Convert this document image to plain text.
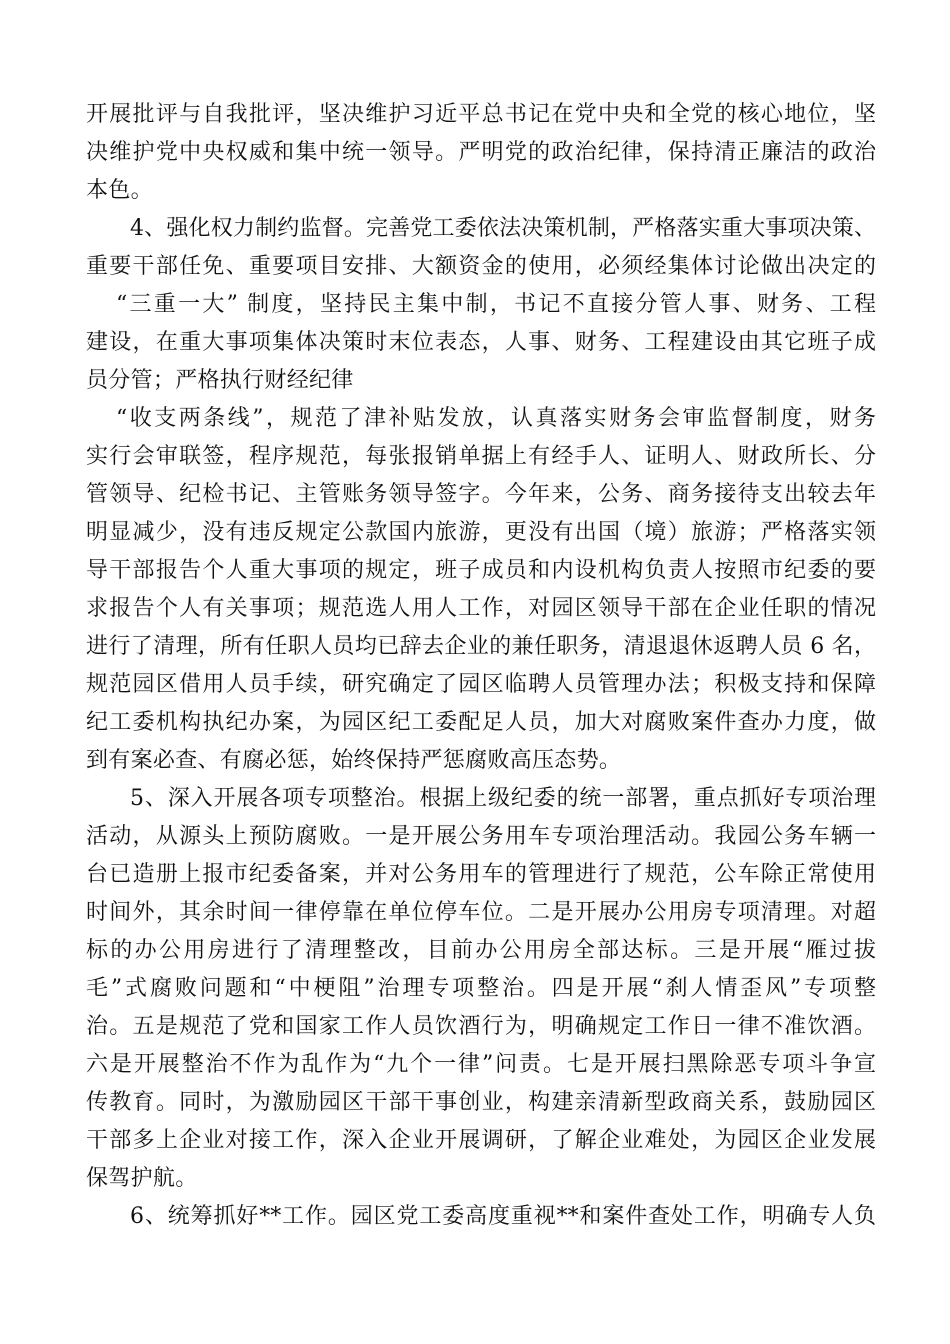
开展批评与自我批评，坚决维护习近平总书记在党中央和全党的核心地位，坚
决维护党中央权威和集中统一领导。严明党的政治纪律，保持清正廉洁的政治
本色。
4、强化权力制约监督。完善党工委依法决策机制，严格落实重大事项决策、
重要干部任免、重要项目安排、大额资金的使用，必须经集体讨论做出决定的
“三重一大” 制度，坚持民主集中制，书记不直接分管人事、财务、工程
建设，在重大事项集体决策时末位表态，人事、财务、工程建设由其它班子成
员分管；严格执行财经纪律
“收支两条线”，规范了津补贴发放，认真落实财务会审监督制度，财务
实行会审联签，程序规范，每张报销单据上有经手人、证明人、财政所长、分
管领导、纪检书记、主管账务领导签字。今年来，公务、商务接待支出较去年
明显减少，没有违反规定公款国内旅游，更没有出国（境）旅游；严格落实领
导干部报告个人重大事项的规定，班子成员和内设机构负责人按照市纪委的要
求报告个人有关事项；规范选人用人工作，对园区领导干部在企业任职的情况
进行了清理，所有任职人员均已辞去企业的兼任职务，清退退休返聘人员 6 名，
规范园区借用人员手续，研究确定了园区临聘人员管理办法；积极支持和保障
纪工委机构执纪办案，为园区纪工委配足人员，加大对腐败案件查办力度，做
到有案必查、有腐必惩，始终保持严惩腐败高压态势。
5、深入开展各项专项整治。根据上级纪委的统一部署，重点抓好专项治理
活动，从源头上预防腐败。一是开展公务用车专项治理活动。我园公务车辆一
台已造册上报市纪委备案，并对公务用车的管理进行了规范，公车除正常使用
时间外，其余时间一律停靠在单位停车位。二是开展办公用房专项清理。对超
标的办公用房进行了清理整改，目前办公用房全部达标。三是开展“雁过拔
毛”式腐败问题和“中梗阻”治理专项整治。四是开展“刹人情歪风”专项整
治。五是规范了党和国家工作人员饮酒行为，明确规定工作日一律不准饮酒。
六是开展整治不作为乱作为“九个一律”问责。七是开展扫黑除恶专项斗争宣
传教育。同时，为激励园区干部干事创业，构建亲清新型政商关系，鼓励园区
干部多上企业对接工作，深入企业开展调研，了解企业难处，为园区企业发展
保驾护航。
6、统筹抓好**工作。园区党工委高度重视**和案件查处工作，明确专人负
